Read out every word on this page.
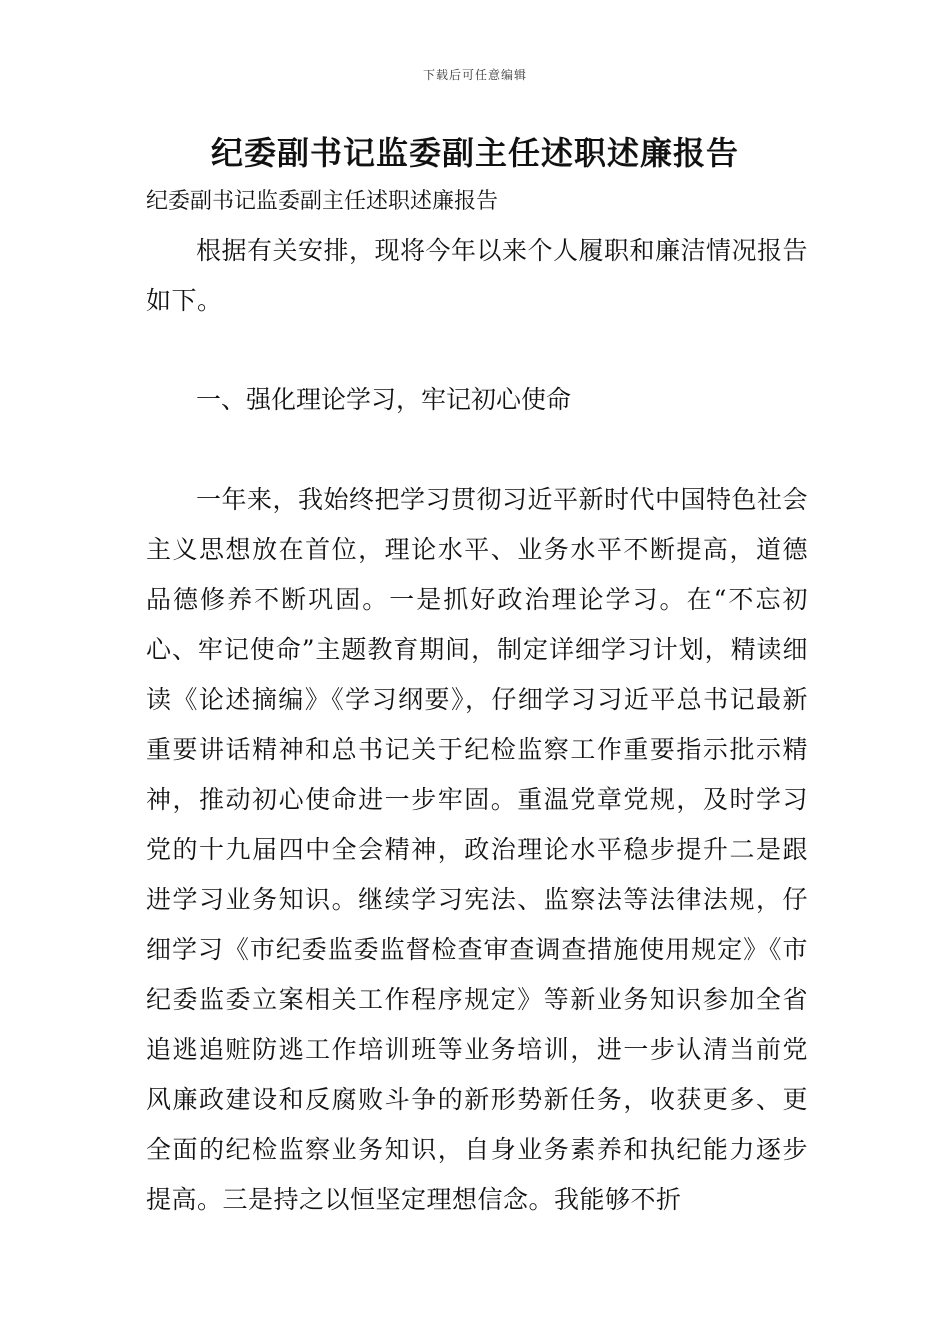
下载后可任意编辑
纪委副书记监委副主任述职述廉报告

纪委副书记监委副主任述职述廉报告

根据有关安排，现将今年以来个人履职和廉洁情况报告如下。

一、强化理论学习，牢记初心使命

一年来，我始终把学习贯彻习近平新时代中国特色社会主义思想放在首位，理论水平、业务水平不断提高，道德品德修养不断巩固。一是抓好政治理论学习。在“不忘初心、牢记使命”主题教育期间，制定详细学习计划，精读细读《论述摘编》《学习纲要》，仔细学习习近平总书记最新重要讲话精神和总书记关于纪检监察工作重要指示批示精神，推动初心使命进一步牢固。重温党章党规，及时学习党的十九届四中全会精神，政治理论水平稳步提升二是跟进学习业务知识。继续学习宪法、监察法等法律法规，仔细学习《市纪委监委监督检查审查调查措施使用规定》《市纪委监委立案相关工作程序规定》等新业务知识参加全省追逃追赃防逃工作培训班等业务培训，进一步认清当前党风廉政建设和反腐败斗争的新形势新任务，收获更多、更全面的纪检监察业务知识，自身业务素养和执纪能力逐步提高。三是持之以恒坚定理想信念。我能够不折
